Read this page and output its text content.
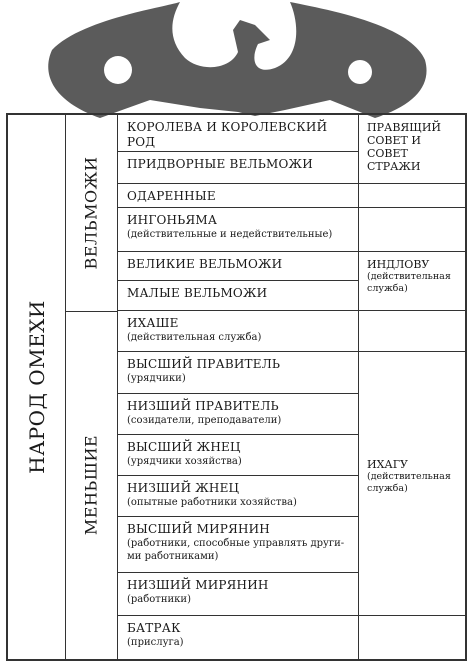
НАРОД ОМЕХИ
ВЕЛЬМОЖИ
МЕНЬШИЕ
КОРОЛЕВА И КОРОЛЕВСКИЙ РОД
ПРИДВОРНЫЕ ВЕЛЬМОЖИ
ОДАРЕННЫЕ
ИНГОНЬЯМА
(действительные и недействительные)
ВЕЛИКИЕ ВЕЛЬМОЖИ
МАЛЫЕ ВЕЛЬМОЖИ
ИХАШЕ
(действительная служба)
ВЫСШИЙ ПРАВИТЕЛЬ
(урядчики)
НИЗШИЙ ПРАВИТЕЛЬ
(созидатели, преподаватели)
ВЫСШИЙ ЖНЕЦ
(урядчики хозяйства)
НИЗШИЙ ЖНЕЦ
(опытные работники хозяйства)
ВЫСШИЙ МИРЯНИН
(работники, способные управлять други-ми работниками)
НИЗШИЙ МИРЯНИН
(работники)
БАТРАК
(прислуга)
ПРАВЯЩИЙ СОВЕТ И СОВЕТ СТРАЖИ
ИНДЛОВУ
(действительная служба)
ИХАГУ
(действительная служба)
